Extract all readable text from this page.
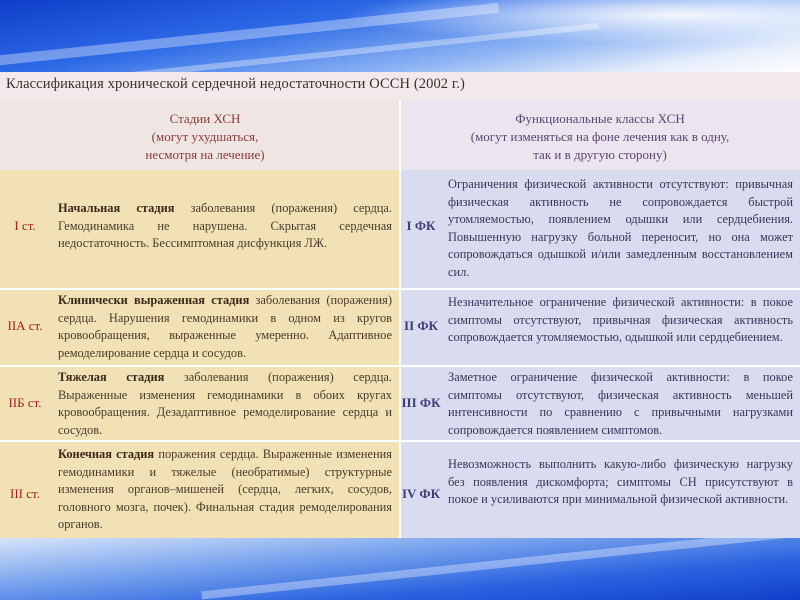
Классификация хронической сердечной недостаточности ОССН (2002 г.)
Стадии ХСН
(могут ухудшаться,
несмотря на лечение)
Функциональные классы ХСН
(могут изменяться на фоне лечения как в одну,
так и в другую сторону)
I ст.
Начальная стадия заболевания (поражения) сердца. Гемодинамика не нарушена. Скрытая сердечная недостаточность. Бессимптомная дисфункция ЛЖ.
I ФК
Ограничения физической активности отсутствуют: привычная физическая активность не сопровождается быстрой утомляемостью, появлением одышки или сердцебиения. Повышенную нагрузку больной переносит, но она может сопровождаться одышкой и/или замедленным восстановлением сил.
IIА ст.
Клинически выраженная стадия заболевания (поражения) сердца. Нарушения гемодинамики в одном из кругов кровообращения, выраженные умеренно. Адаптивное ремоделирование сердца и сосудов.
II ФК
Незначительное ограничение физической активности: в покое симптомы отсутствуют, привычная физическая активность сопровождается утомляемостью, одышкой или сердцебиением.
IIБ ст.
Тяжелая стадия заболевания (поражения) сердца. Выраженные изменения гемодинамики в обоих кругах кровообращения. Дезадаптивное ремоделирование сердца и сосудов.
III ФК
Заметное ограничение физической активности: в покое симптомы отсутствуют, физическая активность меньшей интенсивности по сравнению с привычными нагрузками сопровождается появлением симптомов.
III ст.
Конечная стадия поражения сердца. Выраженные изменения гемодинамики и тяжелые (необратимые) структурные изменения органов–мишеней (сердца, легких, сосудов, головного мозга, почек). Финальная стадия ремоделирования органов.
IV ФК
Невозможность выполнить какую-либо физическую нагрузку без появления дискомфорта; симптомы СН присутствуют в покое и усиливаются при минимальной физической активности.
